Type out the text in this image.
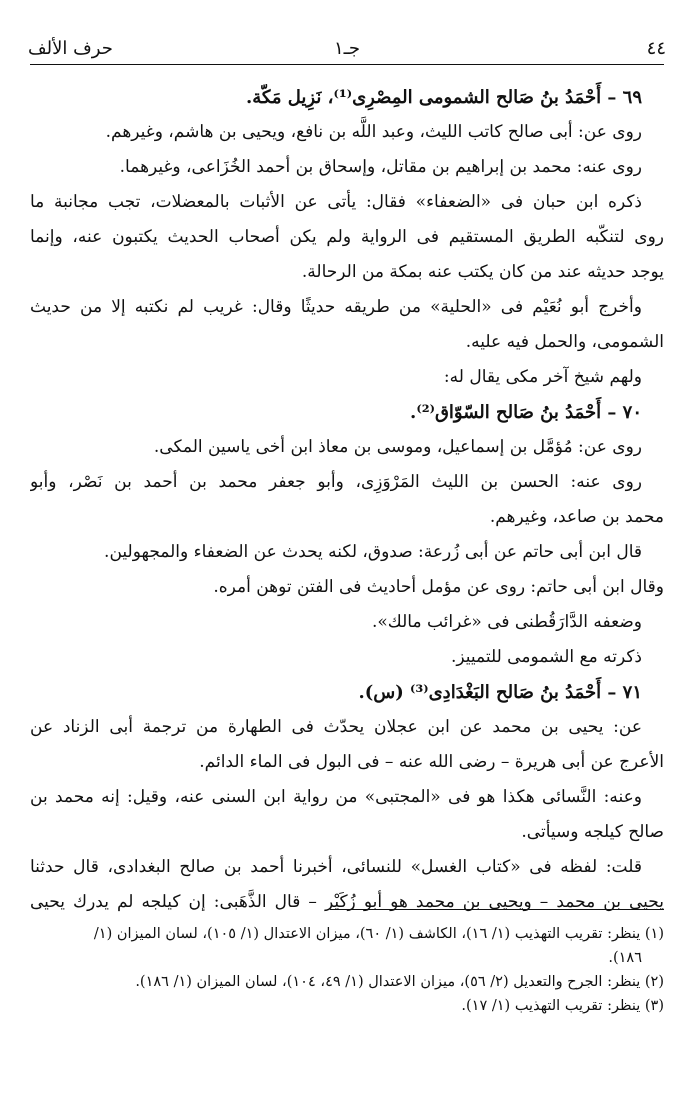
٤٤
جـ١
حرف الألف
٦٩ – أَحْمَدُ بنُ صَالح الشمومى المِصْرِى⁽¹⁾، نَزِيل مَكّة.
روى عن: أبى صالح كاتب الليث، وعبد اللَّه بن نافع، ويحيى بن هاشم، وغيرهم.
روى عنه: محمد بن إبراهيم بن مقاتل، وإسحاق بن أحمد الخُزَاعى، وغيرهما.
ذكره ابن حبان فى «الضعفاء» فقال: يأتى عن الأثبات بالمعضلات، تجب مجانبة ما
روى لتنكّبه الطريق المستقيم فى الرواية ولم يكن أصحاب الحديث يكتبون عنه، وإنما
يوجد حديثه عند من كان يكتب عنه بمكة من الرحالة.
وأخرج أبو نُعَيْم فى «الحلية» من طريقه حديثًا وقال: غريب لم نكتبه إلا من حديث
الشمومى، والحمل فيه عليه.
ولهم شيخ آخر مكى يقال له:
٧٠ – أَحْمَدُ بنُ صَالح السّوّاق⁽²⁾.
روى عن: مُؤمَّل بن إسماعيل، وموسى بن معاذ ابن أخى ياسين المكى.
روى عنه: الحسن بن الليث المَرْوَزِى، وأبو جعفر محمد بن أحمد بن نَصْر، وأبو
محمد بن صاعد، وغيرهم.
قال ابن أبى حاتم عن أبى زُرعة: صدوق، لكنه يحدث عن الضعفاء والمجهولين.
وقال ابن أبى حاتم: روى عن مؤمل أحاديث فى الفتن توهن أمره.
وضعفه الدَّارَقُطنى فى «غرائب مالك».
ذكرته مع الشمومى للتمييز.
٧١ – أَحْمَدُ بنُ صَالح البَغْدَادِى⁽³⁾ (س).
عن: يحيى بن محمد عن ابن عجلان يحدّث فى الطهارة من ترجمة أبى الزناد عن
الأعرج عن أبى هريرة – رضى الله عنه – فى البول فى الماء الدائم.
وعنه: النَّسائى هكذا هو فى «المجتبى» من رواية ابن السنى عنه، وقيل: إنه محمد بن
صالح كيلجه وسيأتى.
قلت: لفظه فى «كتاب الغسل» للنسائى، أخبرنا أحمد بن صالح البغدادى، قال حدثنا
يحيى بن محمد – ويحيى بن محمد هو أبو زُكَيْر – قال الذَّهَبى: إن كيلجه لم يدرك يحيى
(١) ينظر: تقريب التهذيب (١/ ١٦)، الكاشف (١/ ٦٠)، ميزان الاعتدال (١/ ١٠٥)، لسان الميزان (١/
١٨٦).
(٢) ينظر: الجرح والتعديل (٢/ ٥٦)، ميزان الاعتدال (١/ ٤٩، ١٠٤)، لسان الميزان (١/ ١٨٦).
(٣) ينظر: تقريب التهذيب (١/ ١٧).
